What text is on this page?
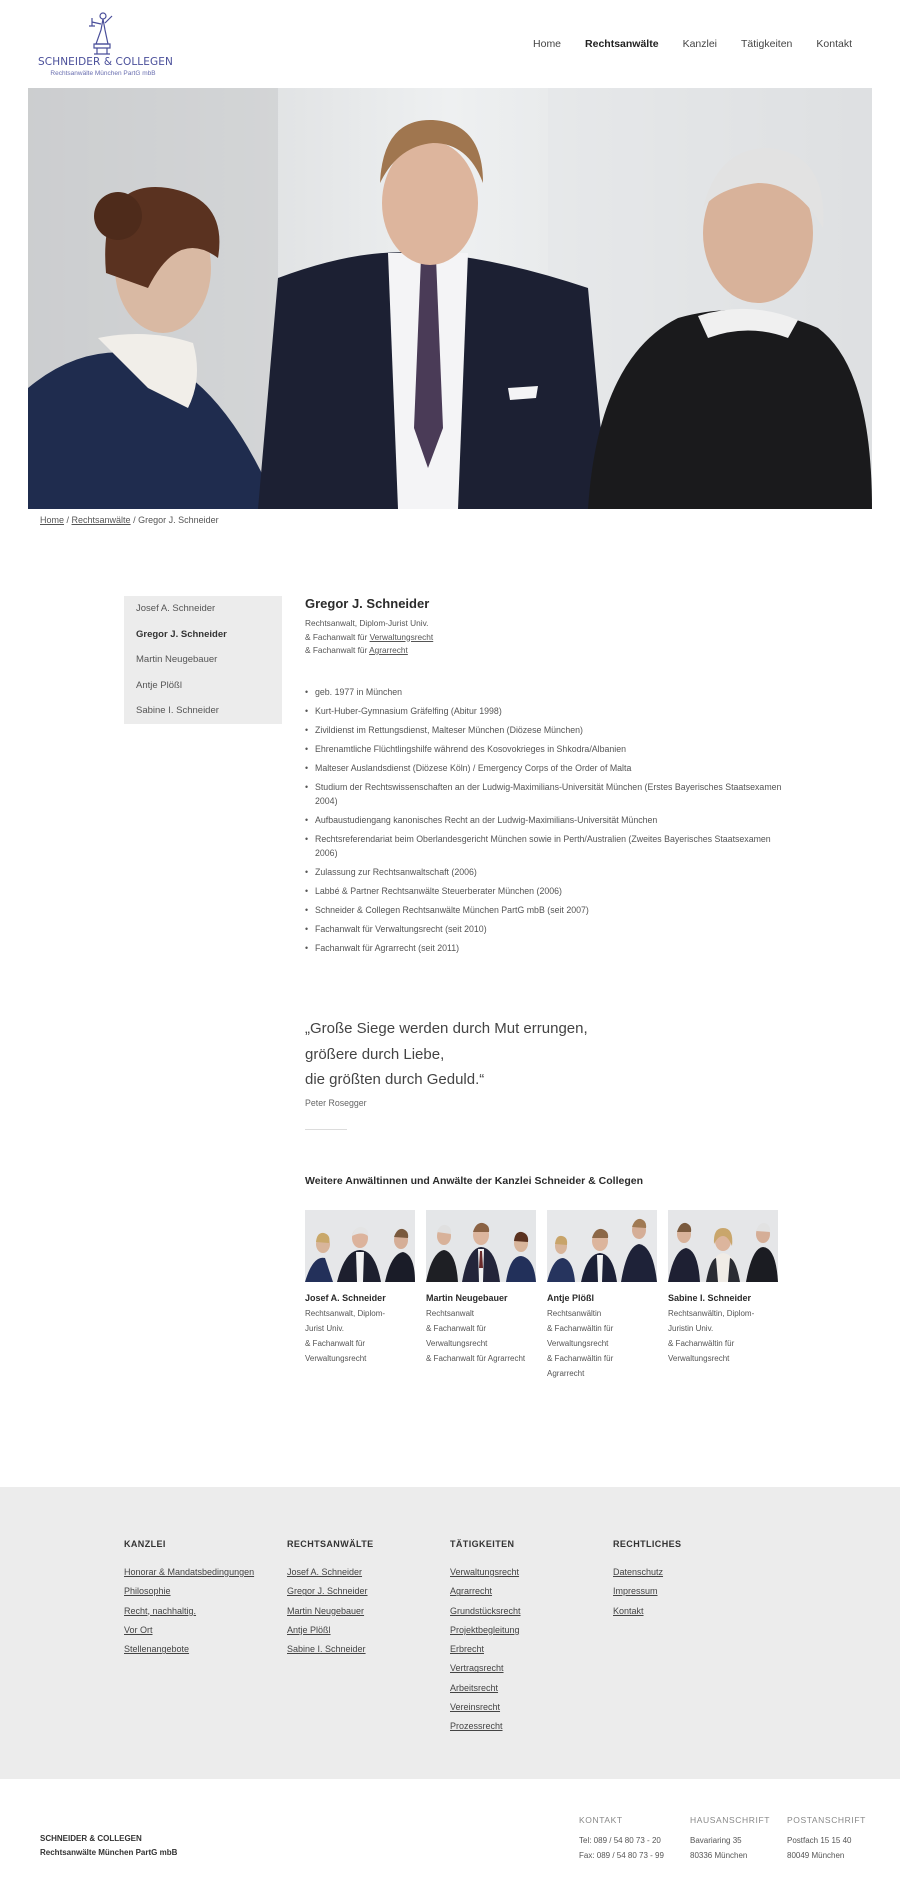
SCHNEIDER & COLLEGEN
Rechtsanwälte München PartG mbB
Home Rechtsanwälte Kanzlei Tätigkeiten Kontakt
Home / Rechtsanwälte / Gregor J. Schneider
Josef A. Schneider
Gregor J. Schneider
Martin Neugebauer
Antje Plößl
Sabine I. Schneider
Gregor J. Schneider
Rechtsanwalt, Diplom-Jurist Univ.
& Fachanwalt für Verwaltungsrecht
& Fachanwalt für Agrarrecht
• geb. 1977 in München
• Kurt-Huber-Gymnasium Gräfelfing (Abitur 1998)
• Zivildienst im Rettungsdienst, Malteser München (Diözese München)
• Ehrenamtliche Flüchtlingshilfe während des Kosovokrieges in Shkodra/Albanien
• Malteser Auslandsdienst (Diözese Köln) / Emergency Corps of the Order of Malta
• Studium der Rechtswissenschaften an der Ludwig-Maximilians-Universität München (Erstes Bayerisches Staatsexamen 2004)
• Aufbaustudiengang kanonisches Recht an der Ludwig-Maximilians-Universität München
• Rechtsreferendariat beim Oberlandesgericht München sowie in Perth/Australien (Zweites Bayerisches Staatsexamen 2006)
• Zulassung zur Rechtsanwaltschaft (2006)
• Labbé & Partner Rechtsanwälte Steuerberater München (2006)
• Schneider & Collegen Rechtsanwälte München PartG mbB (seit 2007)
• Fachanwalt für Verwaltungsrecht (seit 2010)
• Fachanwalt für Agrarrecht (seit 2011)
„Große Siege werden durch Mut errungen,
größere durch Liebe,
die größten durch Geduld.“
Peter Rosegger
Weitere Anwältinnen und Anwälte der Kanzlei Schneider & Collegen
Josef A. Schneider
Rechtsanwalt, Diplom-
Jurist Univ.
& Fachanwalt für
Verwaltungsrecht
Martin Neugebauer
Rechtsanwalt
& Fachanwalt für
Verwaltungsrecht
& Fachanwalt für Agrarrecht
Antje Plößl
Rechtsanwältin
& Fachanwältin für
Verwaltungsrecht
& Fachanwältin für
Agrarrecht
Sabine I. Schneider
Rechtsanwältin, Diplom-
Juristin Univ.
& Fachanwältin für
Verwaltungsrecht
KANZLEI
Honorar & Mandatsbedingungen
Philosophie
Recht, nachhaltig.
Vor Ort
Stellenangebote
RECHTSANWÄLTE
Josef A. Schneider
Gregor J. Schneider
Martin Neugebauer
Antje Plößl
Sabine I. Schneider
TÄTIGKEITEN
Verwaltungsrecht
Agrarrecht
Grundstücksrecht
Projektbegleitung
Erbrecht
Vertragsrecht
Arbeitsrecht
Vereinsrecht
Prozessrecht
RECHTLICHES
Datenschutz
Impressum
Kontakt
SCHNEIDER & COLLEGEN
Rechtsanwälte München PartG mbB
KONTAKT
Tel: 089 / 54 80 73 - 20
Fax: 089 / 54 80 73 - 99
HAUSANSCHRIFT
Bavariaring 35
80336 München
POSTANSCHRIFT
Postfach 15 15 40
80049 München
